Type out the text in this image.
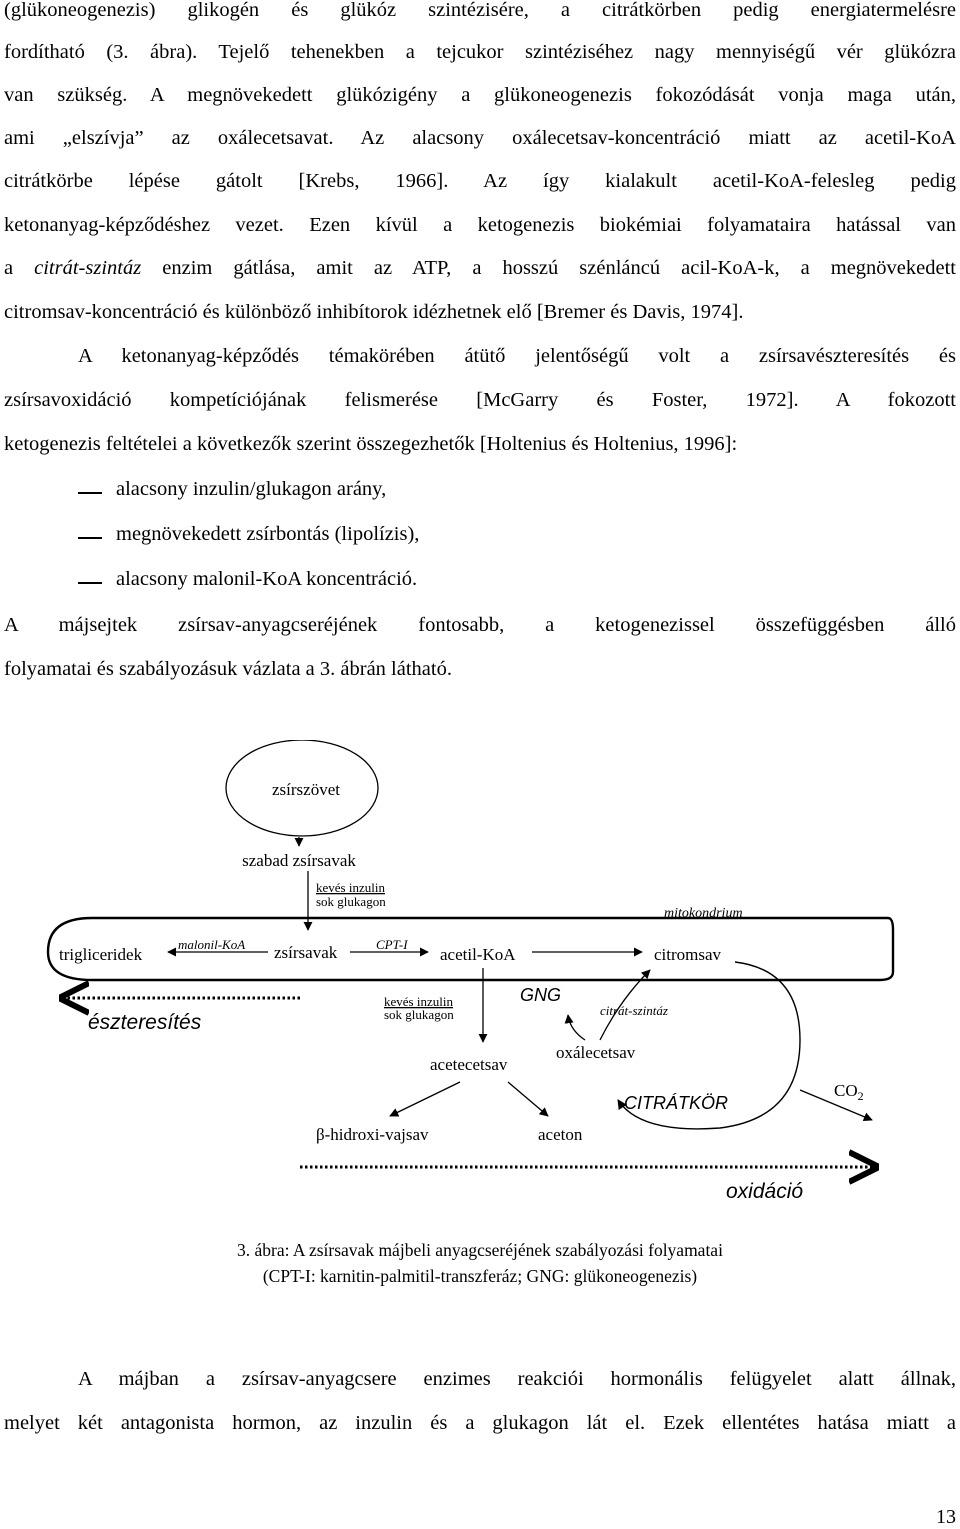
(glükoneogenezis) glikogén és glükóz szintézisére, a citrátkörben pedig energiatermelésre
fordítható (3. ábra). Tejelő tehenekben a tejcukor szintéziséhez nagy mennyiségű vér glükózra
van szükség. A megnövekedett glükózigény a glükoneogenezis fokozódását vonja maga után,
ami „elszívja” az oxálecetsavat. Az alacsony oxálecetsav-koncentráció miatt az acetil-KoA
citrátkörbe lépése gátolt [Krebs, 1966]. Az így kialakult acetil-KoA-felesleg pedig
ketonanyag-képződéshez vezet. Ezen kívül a ketogenezis biokémiai folyamataira hatással van
a citrát-szintáz enzim gátlása, amit az ATP, a hosszú szénláncú acil-KoA-k, a megnövekedett
citromsav-koncentráció és különböző inhibítorok idézhetnek elő [Bremer és Davis, 1974].
A ketonanyag-képződés témakörében átütő jelentőségű volt a zsírsavészteresítés és
zsírsavoxidáció kompetíciójának felismerése [McGarry és Foster, 1972]. A fokozott
ketogenezis feltételei a következők szerint összegezhetők [Holtenius és Holtenius, 1996]:
alacsony inzulin/glukagon arány,
megnövekedett zsírbontás (lipolízis),
alacsony malonil-KoA koncentráció.
A májsejtek zsírsav-anyagcseréjének fontosabb, a ketogenezissel összefüggésben álló
folyamatai és szabályozásuk vázlata a 3. ábrán látható.
zsírszövet
szabad zsírsavak
kevés inzulin
sok glukagon
mitokondrium
trigliceridek
malonil-KoA zsírsavak	CPT-I
acetil-KoA	citromsav
észteresítés
kevés inzulin
sok glukagon
GNG
citrát-szintáz
oxálecetsav
acetecetsav
CITRÁTKÖR
$CO_2$
β-hidroxi-vajsav	aceton
oxidáció
3. ábra: A zsírsavak májbeli anyagcseréjének szabályozási folyamatai
(CPT-I: karnitin-palmitil-transzferáz; GNG: glükoneogenezis)
A májban a zsírsav-anyagcsere enzimes reakciói hormonális felügyelet alatt állnak,
melyet két antagonista hormon, az inzulin és a glukagon lát el. Ezek ellentétes hatása miatt a
13
